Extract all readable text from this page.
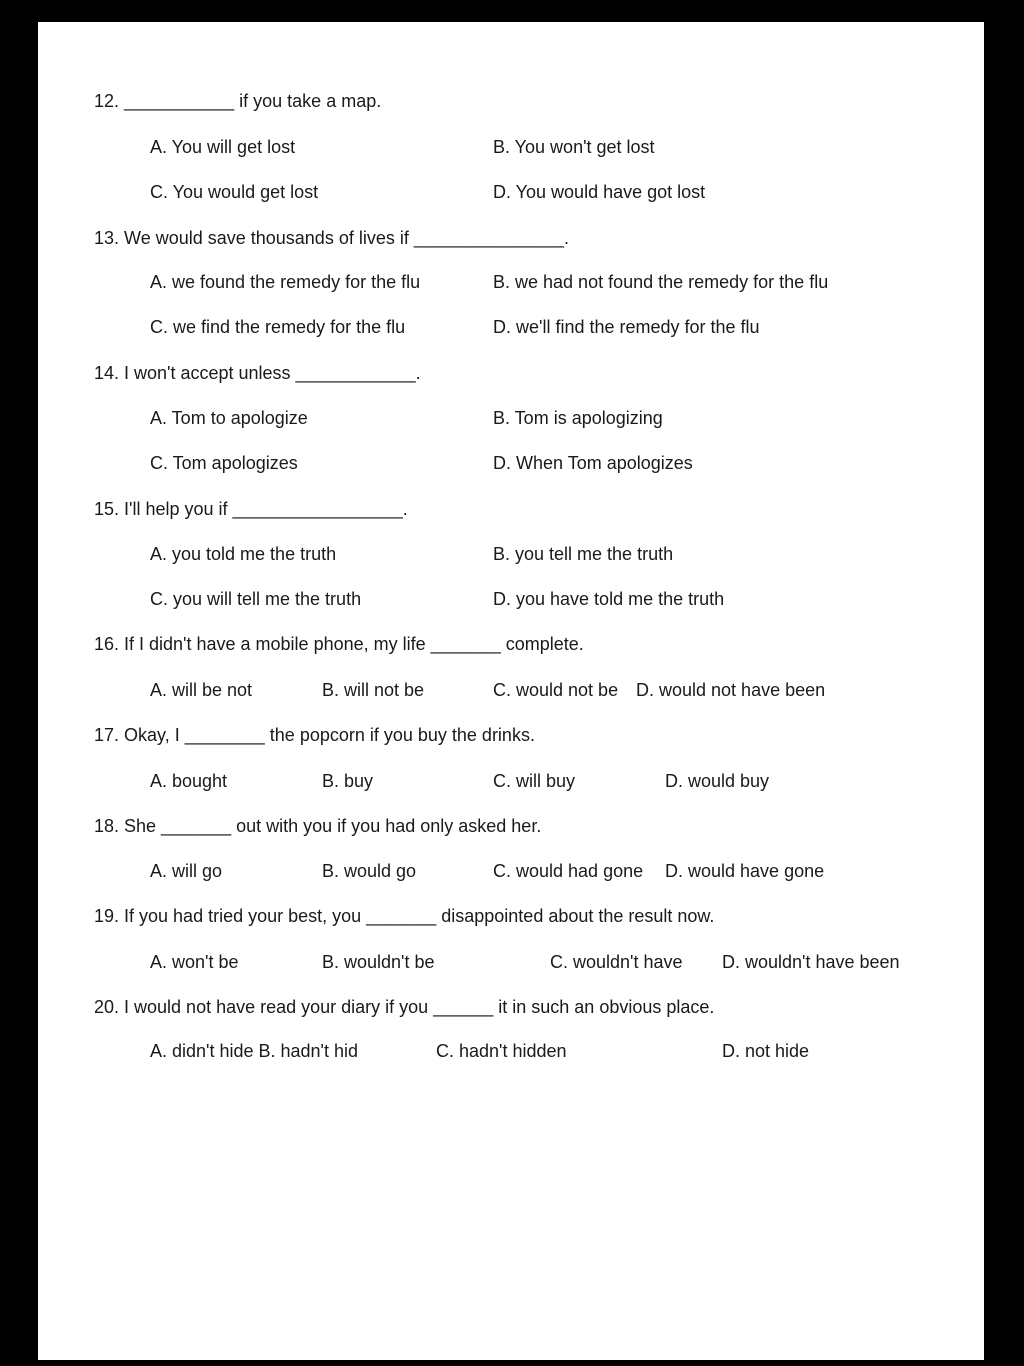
12. ___________ if you take a map.
A. You will get lost	B. You won't get lost
C. You would get lost	D. You would have got lost
13. We would save thousands of lives if _______________.
A. we found the remedy for the flu	B. we had not found the remedy for the flu
C. we find the remedy for the flu	D. we'll find the remedy for the flu
14. I won't accept unless ____________.
A. Tom to apologize	B. Tom is apologizing
C. Tom apologizes	D. When Tom apologizes
15. I'll help you if _________________.
A. you told me the truth	B. you tell me the truth
C. you will tell me the truth	D. you have told me the truth
16. If I didn't have a mobile phone, my life _______ complete.
A. will be not	B. will not be	C. would not be D. would not have been
17. Okay, I ________ the popcorn if you buy the drinks.
A. bought	B. buy	C. will buy	D. would buy
18. She _______ out with you if you had only asked her.
A. will go	B. would go	C. would had gone D. would have gone
19. If you had tried your best, you _______ disappointed about the result now.
A. won't be	B. wouldn't be	C. wouldn't have D. wouldn't have been
20. I would not have read your diary if you ______ it in such an obvious place.
A. didn't hide B. hadn't hid	C. hadn't hidden	D. not hide
